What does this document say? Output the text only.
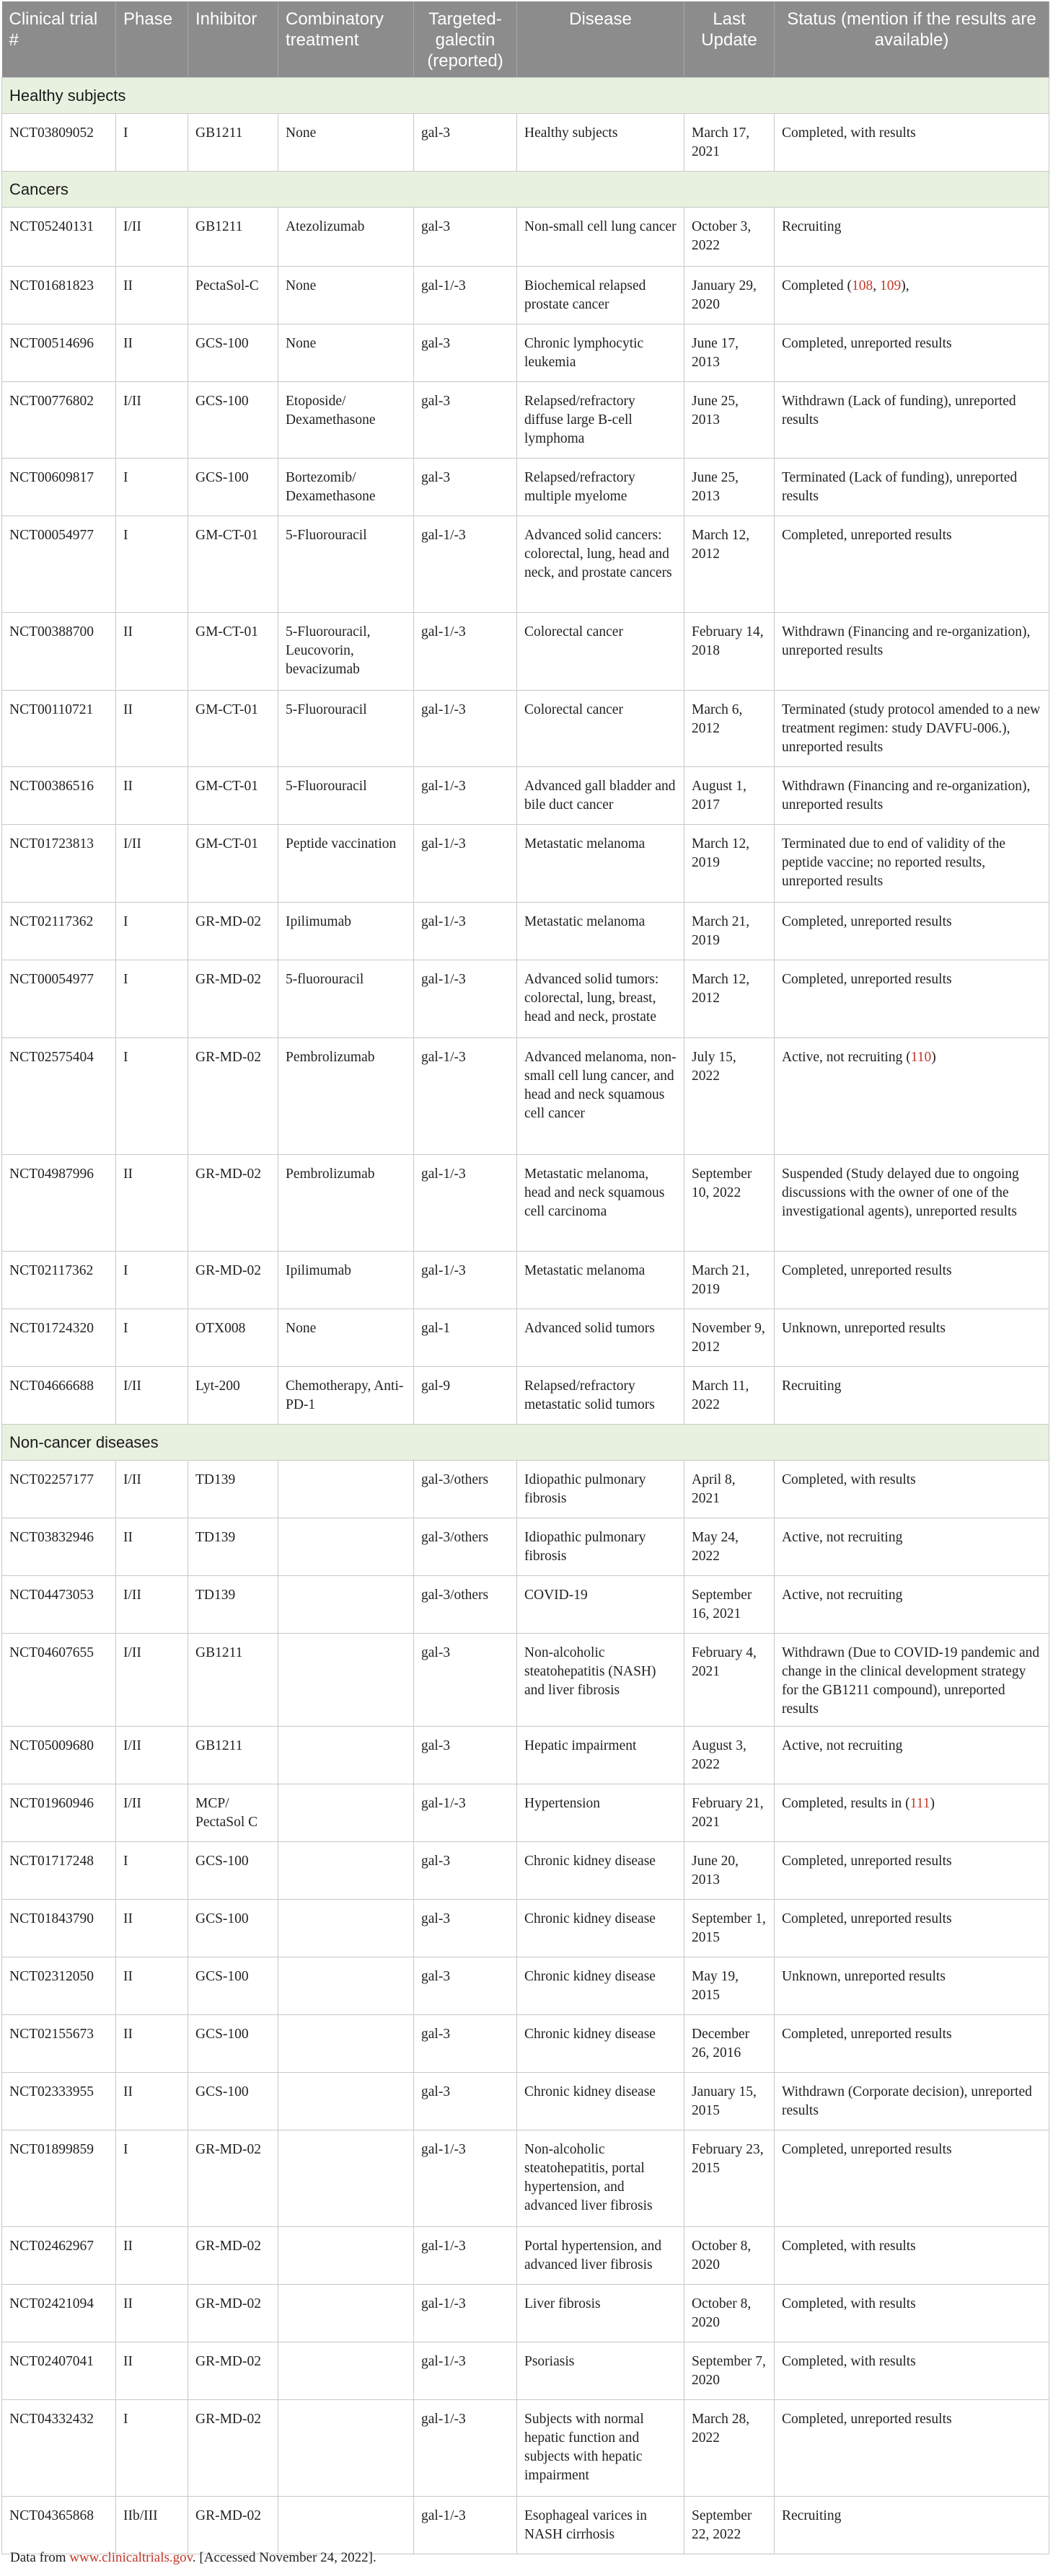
Clinical trial #	Phase	Inhibitor	Combinatory treatment	Targeted-galectin (reported)	Disease	Last Update	Status (mention if the results are available)
Healthy subjects							
NCT03809052	I	GB1211	None	gal-3	Healthy subjects	March 17, 2021	Completed, with results
Cancers							
NCT05240131	I/II	GB1211	Atezolizumab	gal-3	Non-small cell lung cancer	October 3, 2022	Recruiting
NCT01681823	II	PectaSol-C	None	gal-1/-3	Biochemical relapsed prostate cancer	January 29, 2020	Completed (108, 109),
NCT00514696	II	GCS-100	None	gal-3	Chronic lymphocytic leukemia	June 17, 2013	Completed, unreported results
NCT00776802	I/II	GCS-100	Etoposide/ Dexamethasone	gal-3	Relapsed/refractory diffuse large B-cell lymphoma	June 25, 2013	Withdrawn (Lack of funding), unreported results
NCT00609817	I	GCS-100	Bortezomib/ Dexamethasone	gal-3	Relapsed/refractory multiple myelome	June 25, 2013	Terminated (Lack of funding), unreported results
NCT00054977	I	GM-CT-01	5-Fluorouracil	gal-1/-3	Advanced solid cancers: colorectal, lung, head and neck, and prostate cancers	March 12, 2012	Completed, unreported results
NCT00388700	II	GM-CT-01	5-Fluorouracil, Leucovorin, bevacizumab	gal-1/-3	Colorectal cancer	February 14, 2018	Withdrawn (Financing and re-organization), unreported results
NCT00110721	II	GM-CT-01	5-Fluorouracil	gal-1/-3	Colorectal cancer	March 6, 2012	Terminated (study protocol amended to a new treatment regimen: study DAVFU-006.), unreported results
NCT00386516	II	GM-CT-01	5-Fluorouracil	gal-1/-3	Advanced gall bladder and bile duct cancer	August 1, 2017	Withdrawn (Financing and re-organization), unreported results
NCT01723813	I/II	GM-CT-01	Peptide vaccination	gal-1/-3	Metastatic melanoma	March 12, 2019	Terminated due to end of validity of the peptide vaccine; no reported results, unreported results
NCT02117362	I	GR-MD-02	Ipilimumab	gal-1/-3	Metastatic melanoma	March 21, 2019	Completed, unreported results
NCT00054977	I	GR-MD-02	5-fluorouracil	gal-1/-3	Advanced solid tumors: colorectal, lung, breast, head and neck, prostate	March 12, 2012	Completed, unreported results
NCT02575404	I	GR-MD-02	Pembrolizumab	gal-1/-3	Advanced melanoma, non-small cell lung cancer, and head and neck squamous cell cancer	July 15, 2022	Active, not recruiting (110)
NCT04987996	II	GR-MD-02	Pembrolizumab	gal-1/-3	Metastatic melanoma, head and neck squamous cell carcinoma	September 10, 2022	Suspended (Study delayed due to ongoing discussions with the owner of one of the investigational agents), unreported results
NCT02117362	I	GR-MD-02	Ipilimumab	gal-1/-3	Metastatic melanoma	March 21, 2019	Completed, unreported results
NCT01724320	I	OTX008	None	gal-1	Advanced solid tumors	November 9, 2012	Unknown, unreported results
NCT04666688	I/II	Lyt-200	Chemotherapy, Anti-PD-1	gal-9	Relapsed/refractory metastatic solid tumors	March 11, 2022	Recruiting
Non-cancer diseases							
NCT02257177	I/II	TD139		gal-3/others	Idiopathic pulmonary fibrosis	April 8, 2021	Completed, with results
NCT03832946	II	TD139		gal-3/others	Idiopathic pulmonary fibrosis	May 24, 2022	Active, not recruiting
NCT04473053	I/II	TD139		gal-3/others	COVID-19	September 16, 2021	Active, not recruiting
NCT04607655	I/II	GB1211		gal-3	Non-alcoholic steatohepatitis (NASH) and liver fibrosis	February 4, 2021	Withdrawn (Due to COVID-19 pandemic and change in the clinical development strategy for the GB1211 compound), unreported results
NCT05009680	I/II	GB1211		gal-3	Hepatic impairment	August 3, 2022	Active, not recruiting
NCT01960946	I/II	MCP/ PectaSol C		gal-1/-3	Hypertension	February 21, 2021	Completed, results in (111)
NCT01717248	I	GCS-100		gal-3	Chronic kidney disease	June 20, 2013	Completed, unreported results
NCT01843790	II	GCS-100		gal-3	Chronic kidney disease	September 1, 2015	Completed, unreported results
NCT02312050	II	GCS-100		gal-3	Chronic kidney disease	May 19, 2015	Unknown, unreported results
NCT02155673	II	GCS-100		gal-3	Chronic kidney disease	December 26, 2016	Completed, unreported results
NCT02333955	II	GCS-100		gal-3	Chronic kidney disease	January 15, 2015	Withdrawn (Corporate decision), unreported results
NCT01899859	I	GR-MD-02		gal-1/-3	Non-alcoholic steatohepatitis, portal hypertension, and advanced liver fibrosis	February 23, 2015	Completed, unreported results
NCT02462967	II	GR-MD-02		gal-1/-3	Portal hypertension, and advanced liver fibrosis	October 8, 2020	Completed, with results
NCT02421094	II	GR-MD-02		gal-1/-3	Liver fibrosis	October 8, 2020	Completed, with results
NCT02407041	II	GR-MD-02		gal-1/-3	Psoriasis	September 7, 2020	Completed, with results
NCT04332432	I	GR-MD-02		gal-1/-3	Subjects with normal hepatic function and subjects with hepatic impairment	March 28, 2022	Completed, unreported results
NCT04365868	IIb/III	GR-MD-02		gal-1/-3	Esophageal varices in NASH cirrhosis	September 22, 2022	Recruiting
Data from www.clinicaltrials.gov. [Accessed November 24, 2022].
